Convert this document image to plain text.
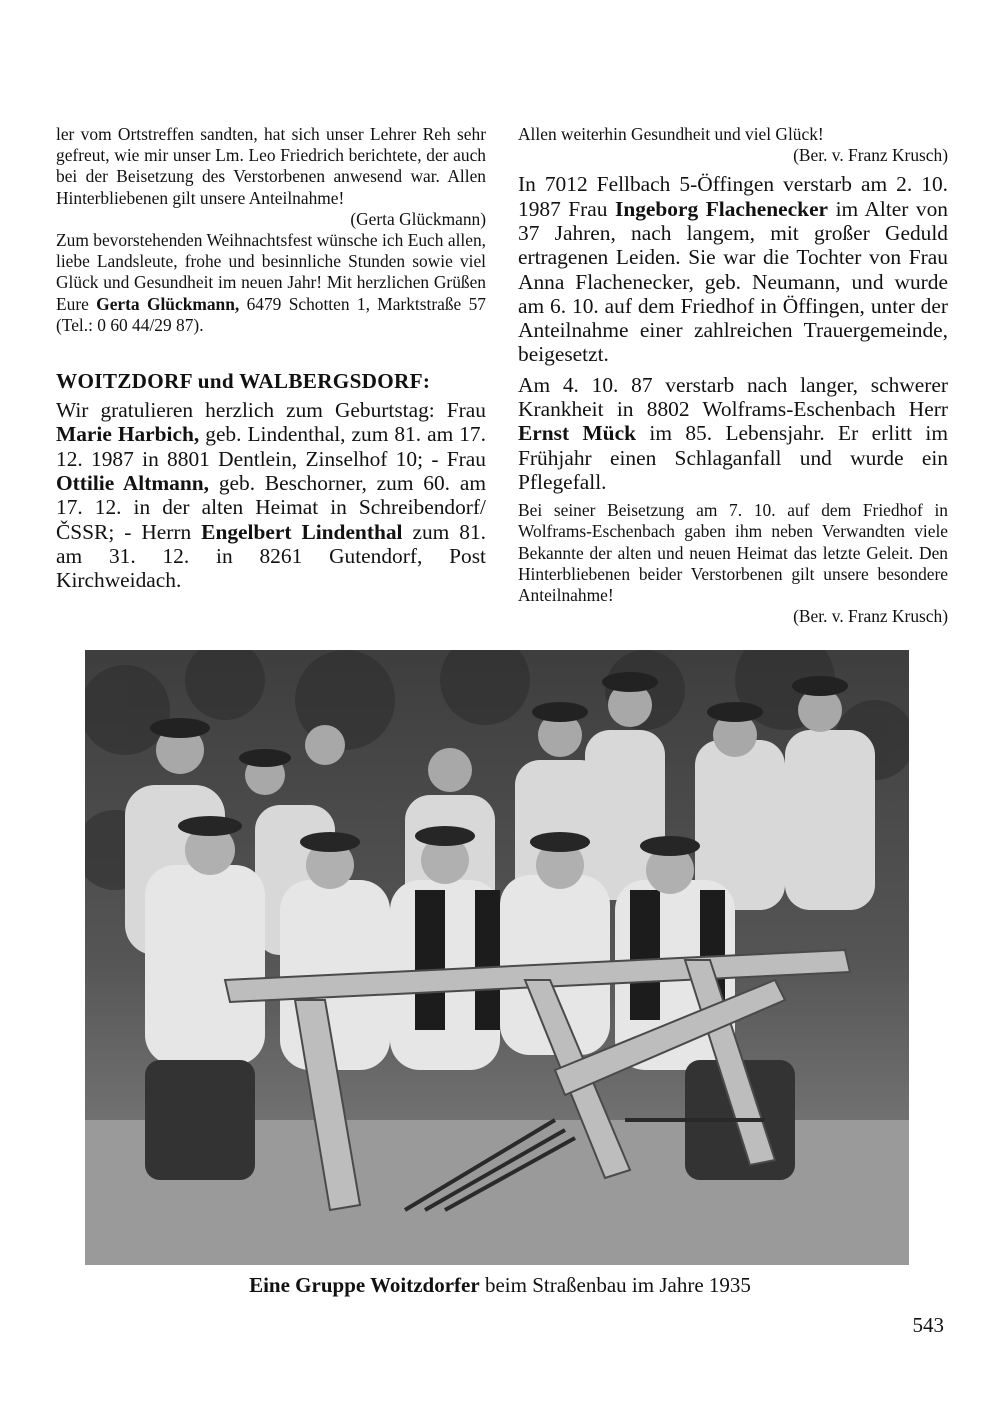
ler vom Ortstreffen sandten, hat sich unser Lehrer Reh sehr gefreut, wie mir unser Lm. Leo Friedrich berichtete, der auch bei der Beisetzung des Verstorbenen anwesend war. Allen Hinterbliebenen gilt unsere Anteilnahme!
(Gerta Glückmann)

Zum bevorstehenden Weihnachtsfest wünsche ich Euch allen, liebe Landsleute, frohe und besinnliche Stunden sowie viel Glück und Gesundheit im neuen Jahr! Mit herzlichen Grüßen Eure Gerta Glückmann, 6479 Schotten 1, Marktstraße 57 (Tel.: 0 60 44/29 87).

WOITZDORF und WALBERGSDORF:

Wir gratulieren herzlich zum Geburtstag: Frau Marie Harbich, geb. Lindenthal, zum 81. am 17. 12. 1987 in 8801 Dentlein, Zinselhof 10; - Frau Ottilie Altmann, geb. Beschorner, zum 60. am 17. 12. in der alten Heimat in Schreibendorf/ČSSR; - Herrn Engelbert Lindenthal zum 81. am 31. 12. in 8261 Gutendorf, Post Kirchweidach.

Allen weiterhin Gesundheit und viel Glück!
(Ber. v. Franz Krusch)

In 7012 Fellbach 5-Öffingen verstarb am 2. 10. 1987 Frau Ingeborg Flachenecker im Alter von 37 Jahren, nach langem, mit großer Geduld ertragenen Leiden. Sie war die Tochter von Frau Anna Flachenecker, geb. Neumann, und wurde am 6. 10. auf dem Friedhof in Öffingen, unter der Anteilnahme einer zahlreichen Trauergemeinde, beigesetzt.

Am 4. 10. 87 verstarb nach langer, schwerer Krankheit in 8802 Wolframs-Eschenbach Herr Ernst Mück im 85. Lebensjahr. Er erlitt im Frühjahr einen Schlaganfall und wurde ein Pflegefall.

Bei seiner Beisetzung am 7. 10. auf dem Friedhof in Wolframs-Eschenbach gaben ihm neben Verwandten viele Bekannte der alten und neuen Heimat das letzte Geleit. Den Hinterbliebenen beider Verstorbenen gilt unsere besondere Anteilnahme!
(Ber. v. Franz Krusch)

Eine Gruppe Woitzdorfer beim Straßenbau im Jahre 1935
543
